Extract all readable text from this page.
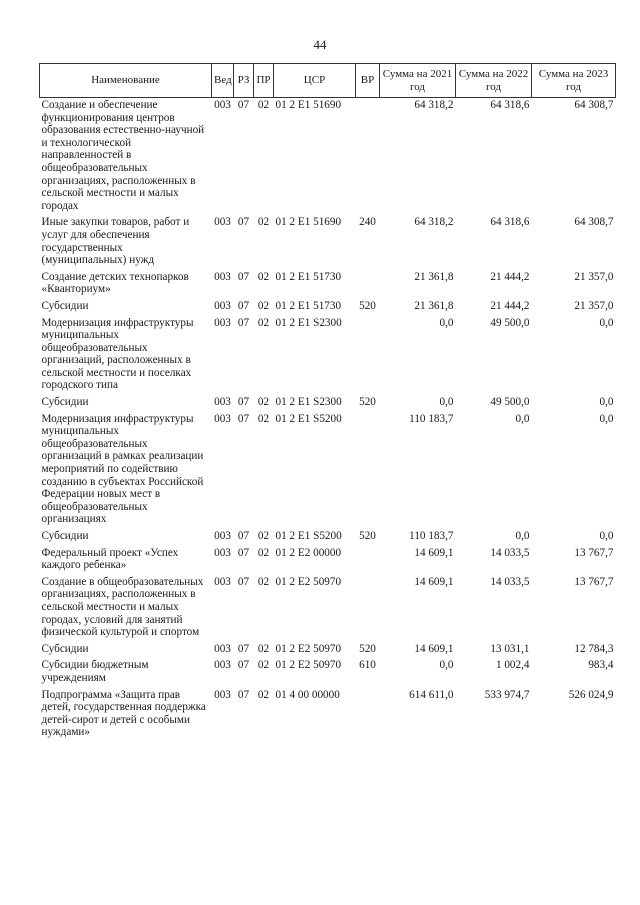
44
Наименование	Вед	РЗ	ПР	ЦСР	ВР	Сумма на 2021 год	Сумма на 2022 год	Сумма на 2023 год
Создание и обеспечение функционирования центров образования естественно-научной и технологической направленностей в общеобразовательных организациях, расположенных в сельской местности и малых городах	003	07	02	01 2 E1 51690		64 318,2	64 318,6	64 308,7
Иные закупки товаров, работ и услуг для обеспечения государственных (муниципальных) нужд	003	07	02	01 2 E1 51690	240	64 318,2	64 318,6	64 308,7
Создание детских технопарков «Кванториум»	003	07	02	01 2 E1 51730		21 361,8	21 444,2	21 357,0
Субсидии	003	07	02	01 2 E1 51730	520	21 361,8	21 444,2	21 357,0
Модернизация инфраструктуры муниципальных общеобразовательных организаций, расположенных в сельской местности и поселках городского типа	003	07	02	01 2 E1 S2300		0,0	49 500,0	0,0
Субсидии	003	07	02	01 2 E1 S2300	520	0,0	49 500,0	0,0
Модернизация инфраструктуры муниципальных общеобразовательных организаций в рамках реализации мероприятий по содействию созданию в субъектах Российской Федерации новых мест в общеобразовательных организациях	003	07	02	01 2 E1 S5200		110 183,7	0,0	0,0
Субсидии	003	07	02	01 2 E1 S5200	520	110 183,7	0,0	0,0
Федеральный проект «Успех каждого ребенка»	003	07	02	01 2 E2 00000		14 609,1	14 033,5	13 767,7
Создание в общеобразовательных организациях, расположенных в сельской местности и малых городах, условий для занятий физической культурой и спортом	003	07	02	01 2 E2 50970		14 609,1	14 033,5	13 767,7
Субсидии	003	07	02	01 2 E2 50970	520	14 609,1	13 031,1	12 784,3
Субсидии бюджетным учреждениям	003	07	02	01 2 E2 50970	610	0,0	1 002,4	983,4
Подпрограмма «Защита прав детей, государственная поддержка детей-сирот и детей с особыми нуждами»	003	07	02	01 4 00 00000		614 611,0	533 974,7	526 024,9
